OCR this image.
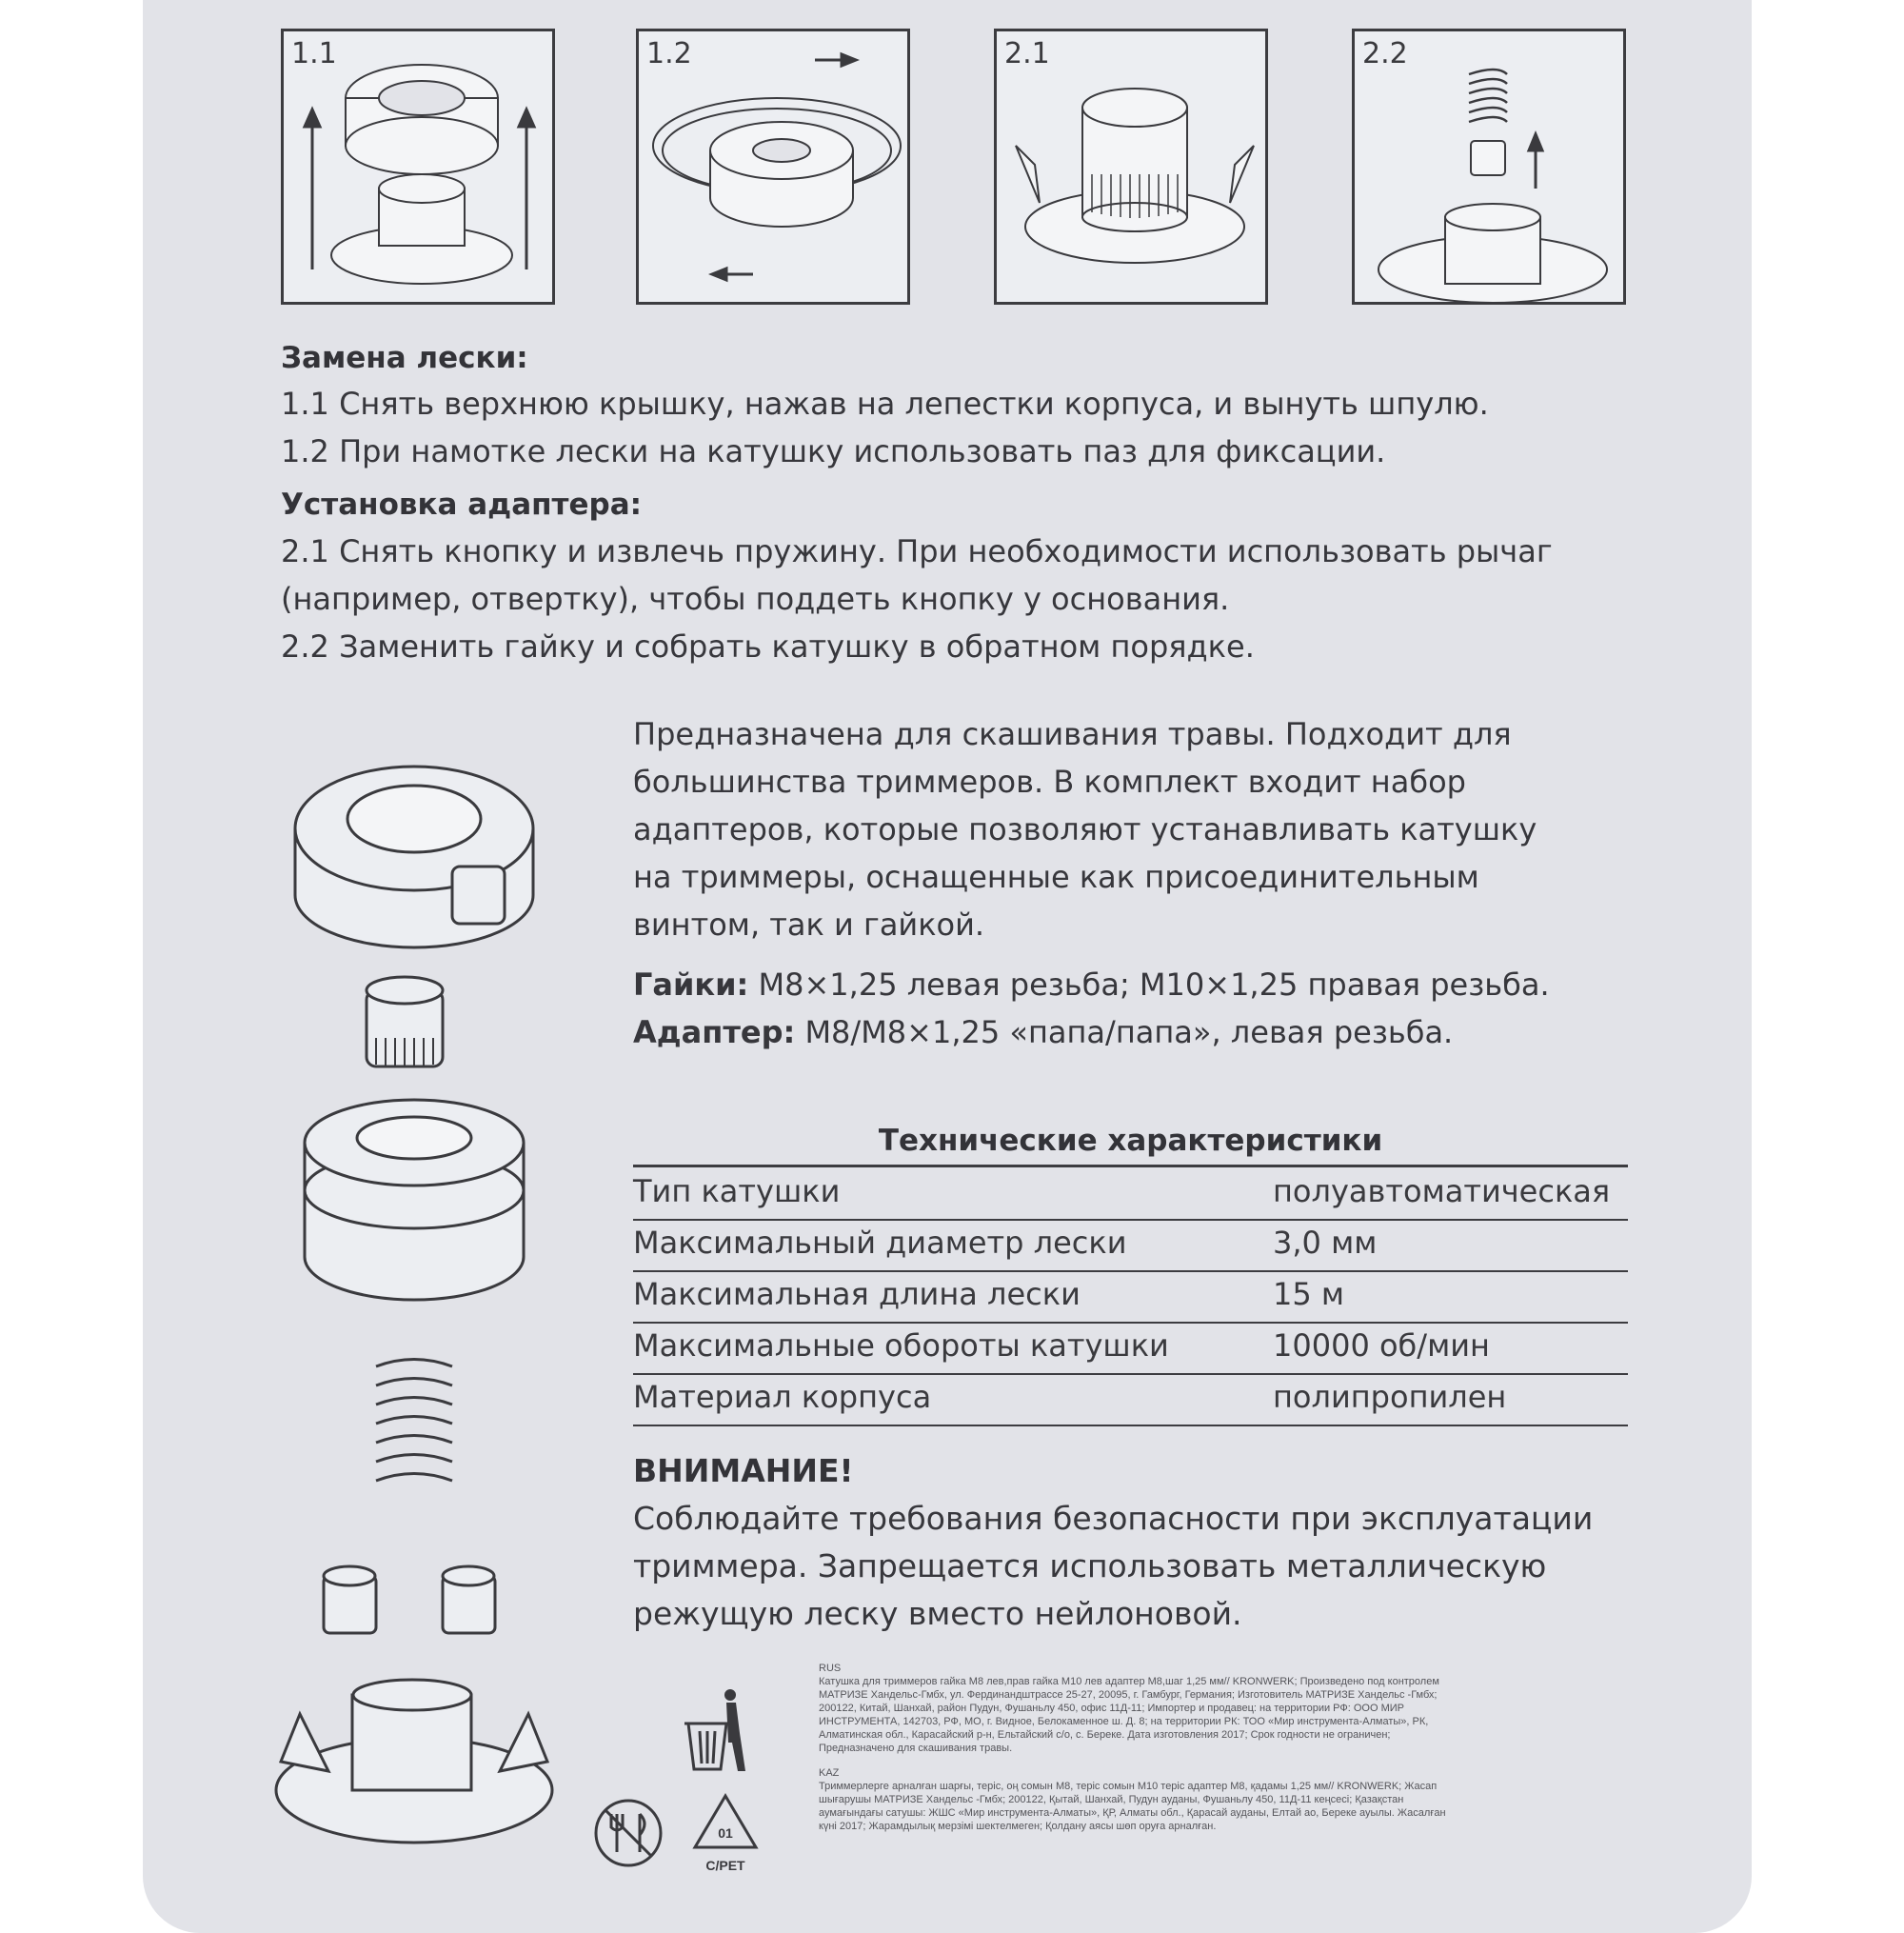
1.1	1.2	2.1	2.2
Замена лески:
1.1 Снять верхнюю крышку, нажав на лепестки корпуса, и вынуть шпулю.
1.2 При намотке лески на катушку использовать паз для фиксации.
Установка адаптера:
2.1 Снять кнопку и извлечь пружину. При необходимости использовать рычаг
(например, отвертку), чтобы поддеть кнопку у основания.
2.2 Заменить гайку и собрать катушку в обратном порядке.
Предназначена для скашивания травы. Подходит для
большинства триммеров. В комплект входит набор
адаптеров, которые позволяют устанавливать катушку
на триммеры, оснащенные как присоединительным
винтом, так и гайкой.
Гайки: M8×1,25 левая резьба; M10×1,25 правая резьба.
Адаптер: M8/M8×1,25 «папа/папа», левая резьба.
Технические характеристики
Тип катушки	полуавтоматическая
Максимальный диаметр лески	3,0 мм
Максимальная длина лески	15 м
Максимальные обороты катушки	10000 об/мин
Материал корпуса	полипропилен
ВНИМАНИЕ!
Соблюдайте требования безопасности при эксплуатации
триммера. Запрещается использовать металлическую
режущую леску вместо нейлоновой.
RUS
Катушка для триммеров гайка M8 лев,прав гайка M10 лев адаптер M8,шаг 1,25 мм// KRONWERK; Произведено под контролем МАТРИЗЕ Хандельс-Гмбх, ул. Фердинандштрассе 25-27, 20095, г. Гамбург, Германия; Изготовитель МАТРИЗЕ Хандельс -Гмбх; 200122, Китай, Шанхай, район Пудун, Фушаньлу 450, офис 11Д-11; Импортер и продавец: на территории РФ: ООО МИР ИНСТРУМЕНТА, 142703, РФ, МО, г. Видное, Белокаменное ш. Д. 8; на территории РК: ТОО «Мир инструмента-Алматы», РК, Алматинская обл., Карасайский р-н, Ельтайский с/о, с. Береке. Дата изготовления 2017; Срок годности не ограничен; Предназначено для скашивания травы.
KAZ
Триммерлерге арналған шарғы, теріс, оң сомын M8, теріс сомын M10 теріс адаптер M8, қадамы 1,25 мм// KRONWERK; Жасап шығарушы МАТРИЗЕ Хандельс -Гмбх; 200122, Қытай, Шанхай, Пудун ауданы, Фушаньлу 450, 11Д-11 кеңсесі; Қазақстан аумағындағы сатушы: ЖШС «Мир инструмента-Алматы», ҚР, Алматы обл., Қарасай ауданы, Елтай ао, Береке ауылы. Жасалған күні 2017; Жарамдылық мерзімі шектелмеген; Қолдану аясы шөп оруға арналған.
01
C/PET
